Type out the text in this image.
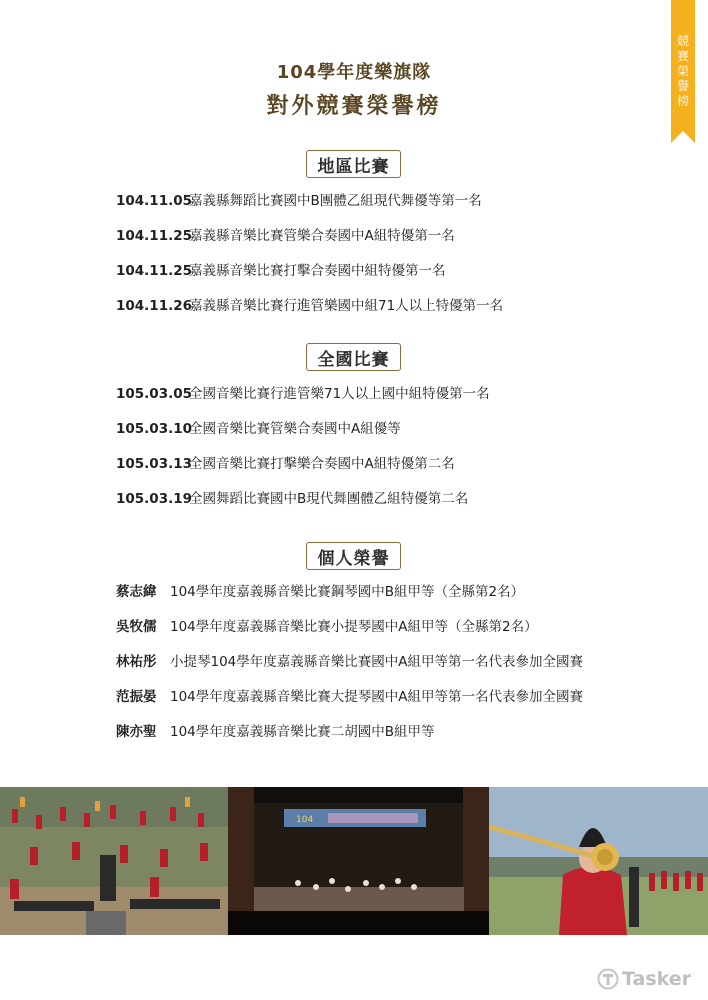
競
賽
榮
譽
榜
104學年度樂旗隊
對外競賽榮譽榜
地區比賽
104.11.05嘉義縣舞蹈比賽國中B團體乙組現代舞優等第一名
104.11.25嘉義縣音樂比賽管樂合奏國中A組特優第一名
104.11.25嘉義縣音樂比賽打擊合奏國中組特優第一名
104.11.26嘉義縣音樂比賽行進管樂國中組71人以上特優第一名
全國比賽
105.03.05全國音樂比賽行進管樂71人以上國中組特優第一名
105.03.10全國音樂比賽管樂合奏國中A組優等
105.03.13全國音樂比賽打擊樂合奏國中A組特優第二名
105.03.19全國舞蹈比賽國中B現代舞團體乙組特優第二名
個人榮譽
蔡志緯 104學年度嘉義縣音樂比賽鋼琴國中B組甲等（全縣第2名）
吳牧儒 104學年度嘉義縣音樂比賽小提琴國中A組甲等（全縣第2名）
林祐彤 小提琴104學年度嘉義縣音樂比賽國中A組甲等第一名代表參加全國賽
范振晏 104學年度嘉義縣音樂比賽大提琴國中A組甲等第一名代表參加全國賽
陳亦聖 104學年度嘉義縣音樂比賽二胡國中B組甲等
104
Tasker
